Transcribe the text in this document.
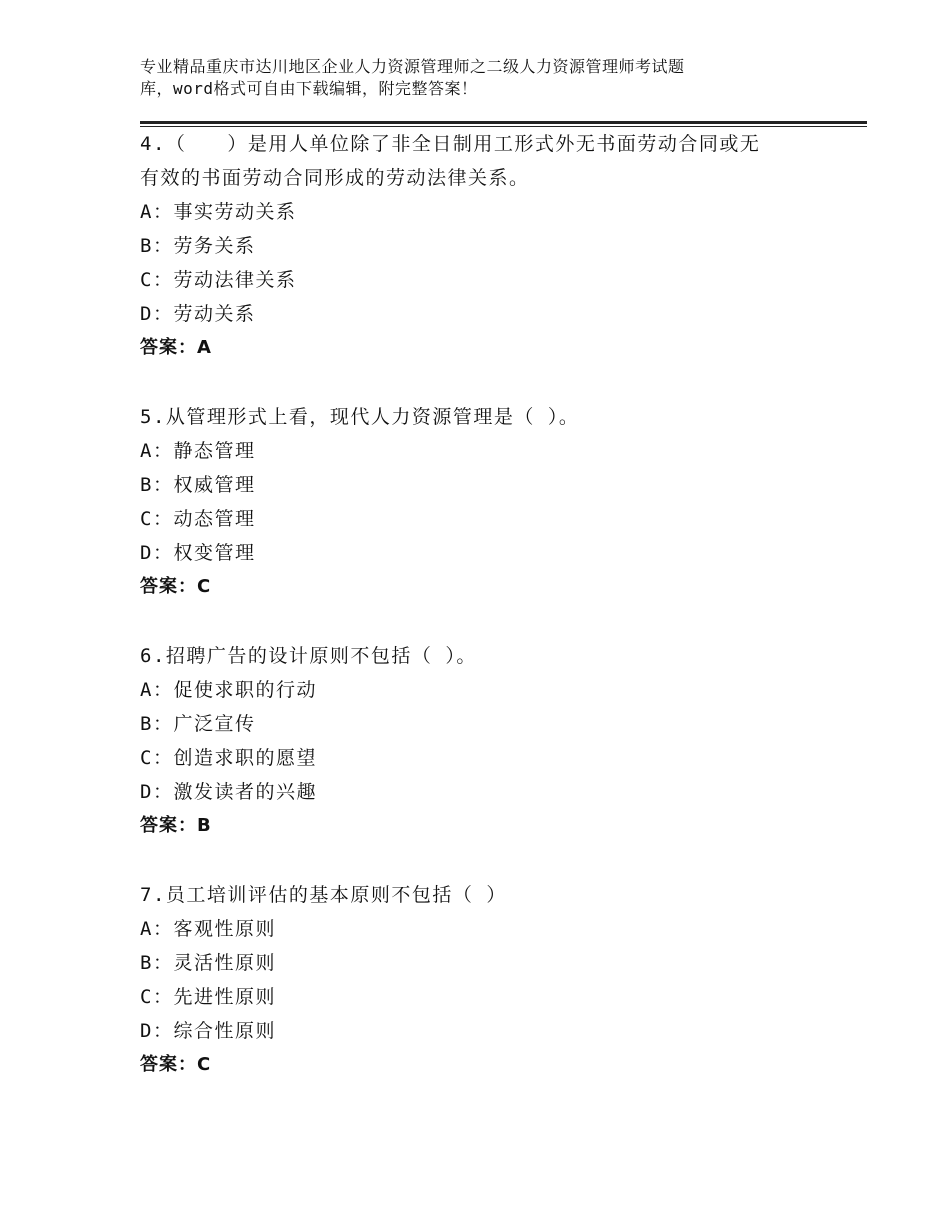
专业精品重庆市达川地区企业人力资源管理师之二级人力资源管理师考试题
库，word格式可自由下载编辑，附完整答案！
4.（　　）是用人单位除了非全日制用工形式外无书面劳动合同或无
有效的书面劳动合同形成的劳动法律关系。
A：事实劳动关系
B：劳务关系
C：劳动法律关系
D：劳动关系
答案：A
5.从管理形式上看，现代人力资源管理是（ ）。
A：静态管理
B：权威管理
C：动态管理
D：权变管理
答案：C
6.招聘广告的设计原则不包括（ ）。
A：促使求职的行动
B：广泛宣传
C：创造求职的愿望
D：激发读者的兴趣
答案：B
7.员工培训评估的基本原则不包括（ ）
A：客观性原则
B：灵活性原则
C：先进性原则
D：综合性原则
答案：C
